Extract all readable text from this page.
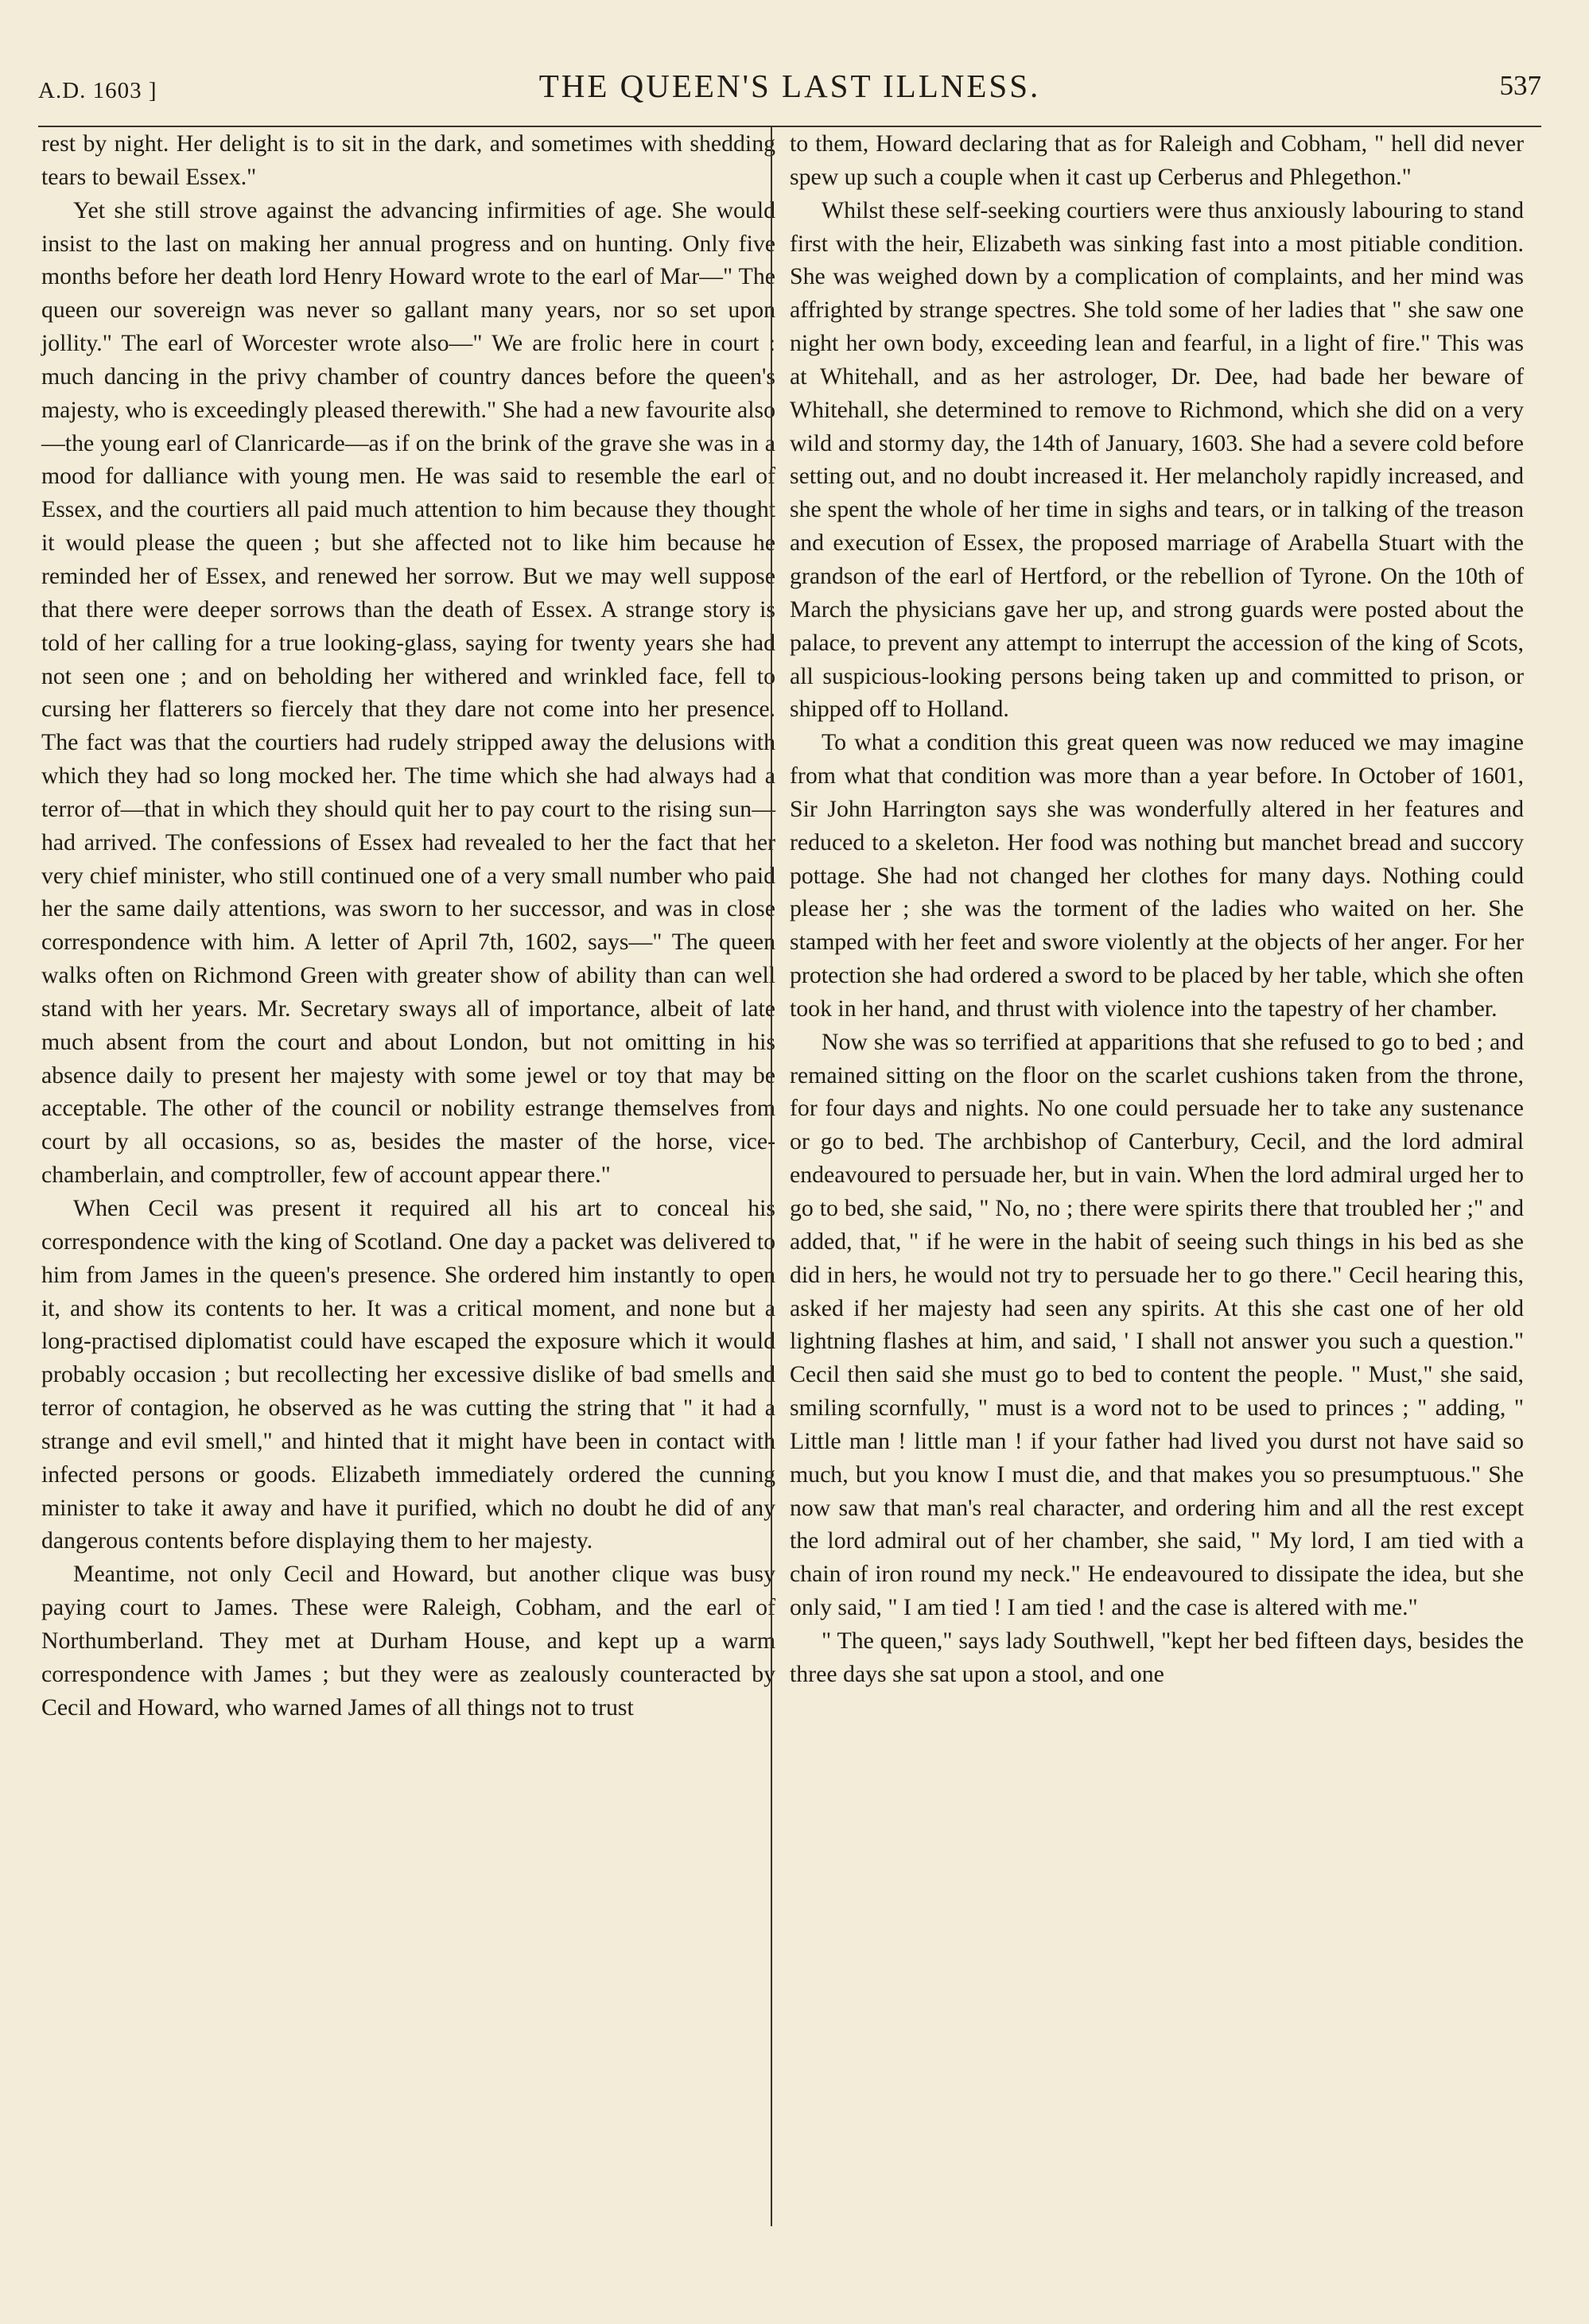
A.D. 1603 ]	THE QUEEN'S LAST ILLNESS.	537

rest by night. Her delight is to sit in the dark, and sometimes with shedding tears to bewail Essex."

Yet she still strove against the advancing infirmities of age. She would insist to the last on making her annual progress and on hunting. Only five months before her death lord Henry Howard wrote to the earl of Mar—" The queen our sovereign was never so gallant many years, nor so set upon jollity." The earl of Worcester wrote also—" We are frolic here in court : much dancing in the privy chamber of country dances before the queen's majesty, who is exceedingly pleased therewith." She had a new favourite also—the young earl of Clanricarde—as if on the brink of the grave she was in a mood for dalliance with young men. He was said to resemble the earl of Essex, and the courtiers all paid much attention to him because they thought it would please the queen ; but she affected not to like him because he reminded her of Essex, and renewed her sorrow. But we may well suppose that there were deeper sorrows than the death of Essex. A strange story is told of her calling for a true looking-glass, saying for twenty years she had not seen one ; and on beholding her withered and wrinkled face, fell to cursing her flatterers so fiercely that they dare not come into her presence. The fact was that the courtiers had rudely stripped away the delusions with which they had so long mocked her. The time which she had always had a terror of—that in which they should quit her to pay court to the rising sun—had arrived. The confessions of Essex had revealed to her the fact that her very chief minister, who still continued one of a very small number who paid her the same daily attentions, was sworn to her successor, and was in close correspondence with him. A letter of April 7th, 1602, says—" The queen walks often on Richmond Green with greater show of ability than can well stand with her years. Mr. Secretary sways all of importance, albeit of late much absent from the court and about London, but not omitting in his absence daily to present her majesty with some jewel or toy that may be acceptable. The other of the council or nobility estrange themselves from court by all occasions, so as, besides the master of the horse, vice-chamberlain, and comptroller, few of account appear there."

When Cecil was present it required all his art to conceal his correspondence with the king of Scotland. One day a packet was delivered to him from James in the queen's presence. She ordered him instantly to open it, and show its contents to her. It was a critical moment, and none but a long-practised diplomatist could have escaped the exposure which it would probably occasion ; but recollecting her excessive dislike of bad smells and terror of contagion, he observed as he was cutting the string that " it had a strange and evil smell," and hinted that it might have been in contact with infected persons or goods. Elizabeth immediately ordered the cunning minister to take it away and have it purified, which no doubt he did of any dangerous contents before displaying them to her majesty.

Meantime, not only Cecil and Howard, but another clique was busy paying court to James. These were Raleigh, Cobham, and the earl of Northumberland. They met at Durham House, and kept up a warm correspondence with James ; but they were as zealously counteracted by Cecil and Howard, who warned James of all things not to trust

to them, Howard declaring that as for Raleigh and Cobham, " hell did never spew up such a couple when it cast up Cerberus and Phlegethon."

Whilst these self-seeking courtiers were thus anxiously labouring to stand first with the heir, Elizabeth was sinking fast into a most pitiable condition. She was weighed down by a complication of complaints, and her mind was affrighted by strange spectres. She told some of her ladies that " she saw one night her own body, exceeding lean and fearful, in a light of fire." This was at Whitehall, and as her astrologer, Dr. Dee, had bade her beware of Whitehall, she determined to remove to Richmond, which she did on a very wild and stormy day, the 14th of January, 1603. She had a severe cold before setting out, and no doubt increased it. Her melancholy rapidly increased, and she spent the whole of her time in sighs and tears, or in talking of the treason and execution of Essex, the proposed marriage of Arabella Stuart with the grandson of the earl of Hertford, or the rebellion of Tyrone. On the 10th of March the physicians gave her up, and strong guards were posted about the palace, to prevent any attempt to interrupt the accession of the king of Scots, all suspicious-looking persons being taken up and committed to prison, or shipped off to Holland.

To what a condition this great queen was now reduced we may imagine from what that condition was more than a year before. In October of 1601, Sir John Harrington says she was wonderfully altered in her features and reduced to a skeleton. Her food was nothing but manchet bread and succory pottage. She had not changed her clothes for many days. Nothing could please her ; she was the torment of the ladies who waited on her. She stamped with her feet and swore violently at the objects of her anger. For her protection she had ordered a sword to be placed by her table, which she often took in her hand, and thrust with violence into the tapestry of her chamber.

Now she was so terrified at apparitions that she refused to go to bed ; and remained sitting on the floor on the scarlet cushions taken from the throne, for four days and nights. No one could persuade her to take any sustenance or go to bed. The archbishop of Canterbury, Cecil, and the lord admiral endeavoured to persuade her, but in vain. When the lord admiral urged her to go to bed, she said, " No, no ; there were spirits there that troubled her ;" and added, that, " if he were in the habit of seeing such things in his bed as she did in hers, he would not try to persuade her to go there." Cecil hearing this, asked if her majesty had seen any spirits. At this she cast one of her old lightning flashes at him, and said, ' I shall not answer you such a question." Cecil then said she must go to bed to content the people. " Must," she said, smiling scornfully, " must is a word not to be used to princes ; " adding, " Little man ! little man ! if your father had lived you durst not have said so much, but you know I must die, and that makes you so presumptuous." She now saw that man's real character, and ordering him and all the rest except the lord admiral out of her chamber, she said, " My lord, I am tied with a chain of iron round my neck." He endeavoured to dissipate the idea, but she only said, " I am tied ! I am tied ! and the case is altered with me."

" The queen," says lady Southwell, "kept her bed fifteen days, besides the three days she sat upon a stool, and one
